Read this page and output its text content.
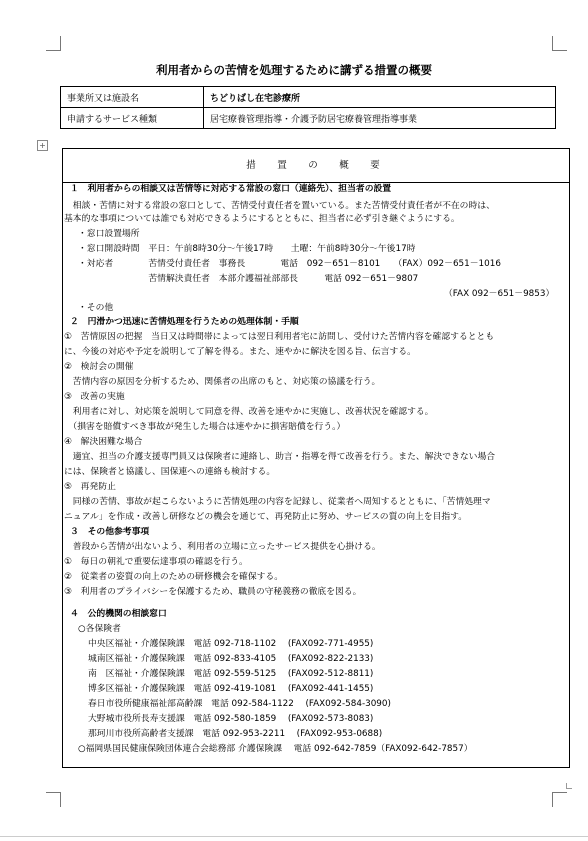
利用者からの苦情を処理するために講ずる措置の概要
事業所又は施設名	ちどりばし在宅診療所
申請するサービス種類	居宅療養管理指導・介護予防居宅療養管理指導事業
+
措　置　の　概　要
１　利用者からの相談又は苦情等に対応する常設の窓口（連絡先）、担当者の設置
　相談・苦情に対する常設の窓口として、苦情受付責任者を置いている。また苦情受付責任者が不在の時は、
基本的な事項については誰でも対応できるようにするとともに、担当者に必ず引き継ぐようにする。
・窓口設置場所
・窓口開設時間　平日：午前8時30分～午後17時　　土曜：午前8時30分～午後17時
・対応者　　　　苦情受付責任者　事務長　　　　電話　092－651－8101　　（FAX）092－651－1016
　　　　　　　　苦情解決責任者　本部介護福祉部部長　　　電話 092－651－9807
（FAX 092－651－9853）
・その他
２　円滑かつ迅速に苦情処理を行うための処理体制・手順
①　苦情原因の把握　当日又は時間帯によっては翌日利用者宅に訪問し、受付けた苦情内容を確認するととも
に、今後の対応や予定を説明して了解を得る。また、速やかに解決を図る旨、伝言する。
②　検討会の開催
　苦情内容の原因を分析するため、関係者の出席のもと、対応策の協議を行う。
③　改善の実施
　利用者に対し、対応策を説明して同意を得、改善を速やかに実施し、改善状況を確認する。
　（損害を賠償すべき事故が発生した場合は速やかに損害賠償を行う。）
④　解決困難な場合
　適宜、担当の介護支援専門員又は保険者に連絡し、助言・指導を得て改善を行う。また、解決できない場合
には、保険者と協議し、国保連への連絡も検討する。
⑤　再発防止
　同様の苦情、事故が起こらないように苦情処理の内容を記録し、従業者へ周知するとともに、「苦情処理マ
ニュアル」を作成・改善し研修などの機会を通じて、再発防止に努め、サービスの質の向上を目指す。
３　その他参考事項
　普段から苦情が出ないよう、利用者の立場に立ったサービス提供を心掛ける。
①　毎日の朝礼で重要伝達事項の確認を行う。
②　従業者の姿質の向上のための研修機会を確保する。
③　利用者のプライバシーを保護するため、職員の守秘義務の徹底を図る。
４　公的機関の相談窓口
○各保険者
中央区福祉・介護保険課　電話 092-718-1102　 (FAX092-771-4955)
城南区福祉・介護保険課　電話 092-833-4105　 (FAX092-822-2133)
南　区福祉・介護保険課　電話 092-559-5125　 (FAX092-512-8811)
博多区福祉・介護保険課　電話 092-419-1081　 (FAX092-441-1455)
春日市役所健康福祉部高齢課　電話 092-584-1122　 (FAX092-584-3090)
大野城市役所長寿支援課　電話 092-580-1859　 (FAX092-573-8083)
那珂川市役所高齢者支援課　電話 092-953-2211　 (FAX092-953-0688)
○福岡県国民健康保険団体連合会総務部 介護保険課　 電話 092-642-7859（FAX092-642-7857）
